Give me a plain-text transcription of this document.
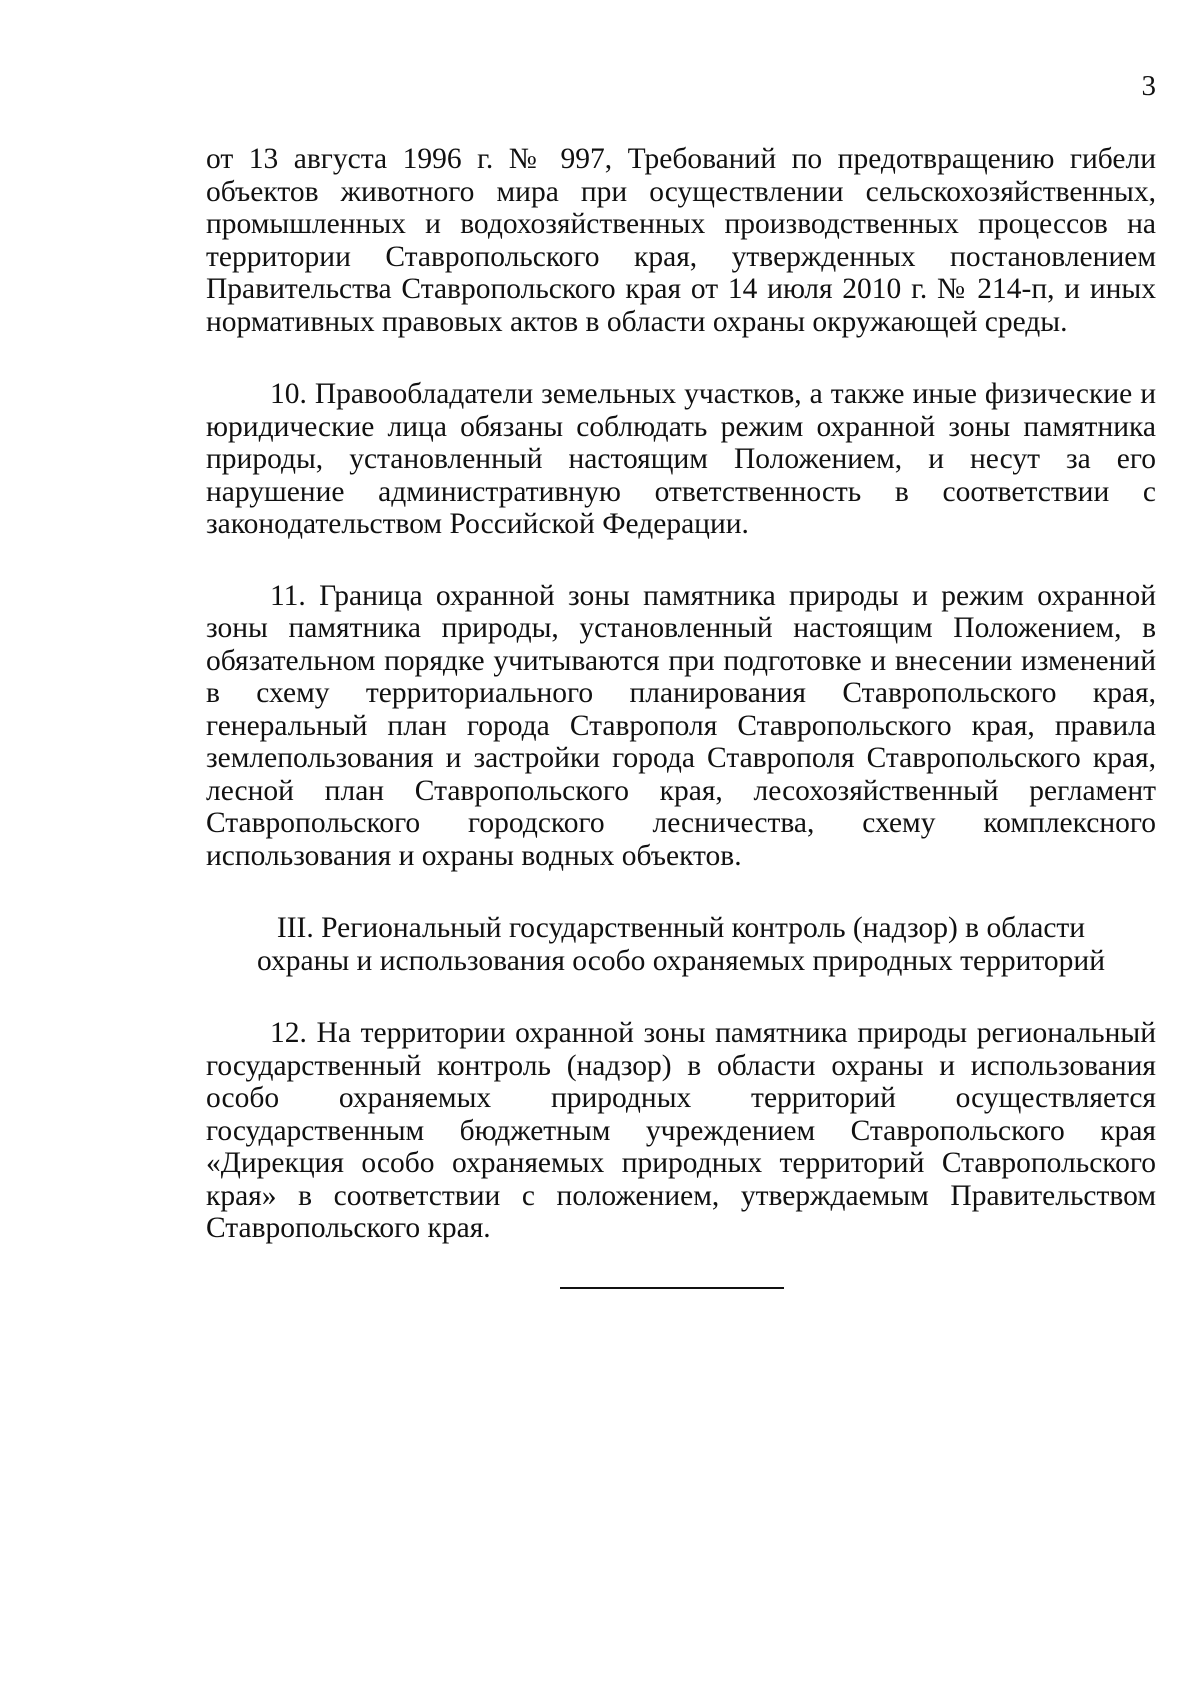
3

от 13 августа 1996 г. № 997, Требований по предотвращению гибели объектов животного мира при осуществлении сельскохозяйственных, промышленных и водохозяйственных производственных процессов на территории Ставропольского края, утвержденных постановлением Правительства Ставропольского края от 14 июля 2010 г. № 214-п, и иных нормативных правовых актов в области охраны окружающей среды.

10. Правообладатели земельных участков, а также иные физические и юридические лица обязаны соблюдать режим охранной зоны памятника природы, установленный настоящим Положением, и несут за его нарушение административную ответственность в соответствии с законодательством Российской Федерации.

11. Граница охранной зоны памятника природы и режим охранной зоны памятника природы, установленный настоящим Положением, в обязательном порядке учитываются при подготовке и внесении изменений в схему территориального планирования Ставропольского края, генеральный план города Ставрополя Ставропольского края, правила землепользования и застройки города Ставрополя Ставропольского края, лесной план Ставропольского края, лесохозяйственный регламент Ставропольского городского лесничества, схему комплексного использования и охраны водных объектов.

III. Региональный государственный контроль (надзор) в области
охраны и использования особо охраняемых природных территорий

12. На территории охранной зоны памятника природы региональный государственный контроль (надзор) в области охраны и использования особо охраняемых природных территорий осуществляется государственным бюджетным учреждением Ставропольского края «Дирекция особо охраняемых природных территорий Ставропольского края» в соответствии с положением, утверждаемым Правительством Ставропольского края.
